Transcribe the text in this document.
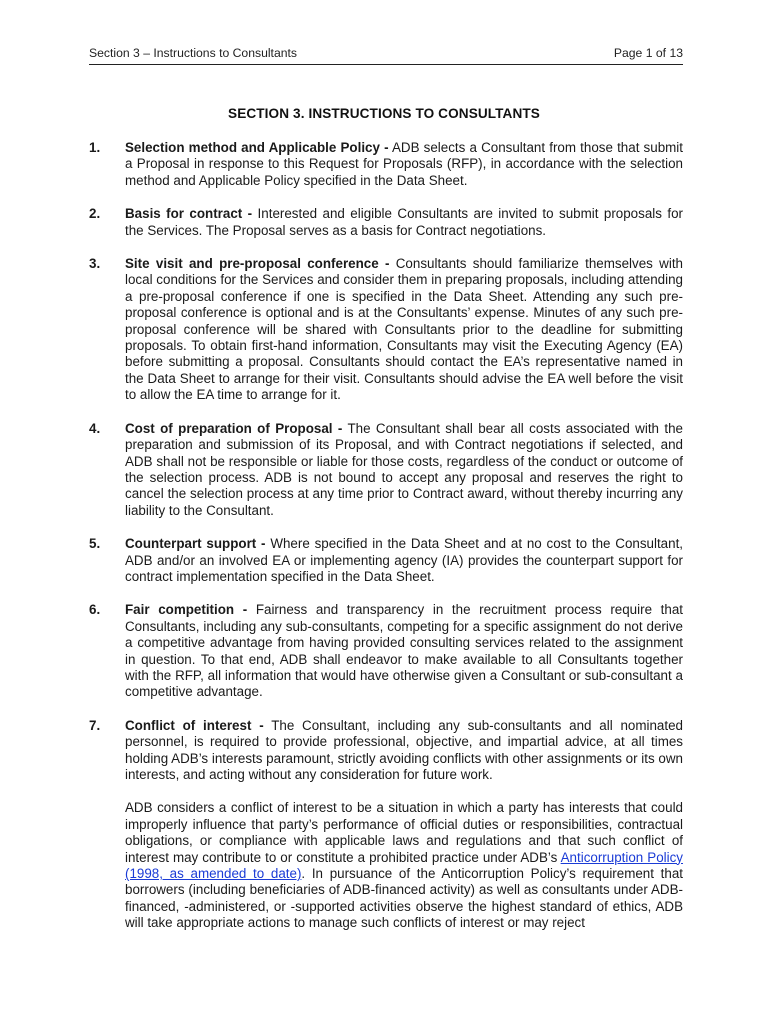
Section 3 – Instructions to Consultants	Page 1 of 13
SECTION 3. INSTRUCTIONS TO CONSULTANTS
1.	Selection method and Applicable Policy - ADB selects a Consultant from those that submit a Proposal in response to this Request for Proposals (RFP), in accordance with the selection method and Applicable Policy specified in the Data Sheet.
2.	Basis for contract - Interested and eligible Consultants are invited to submit proposals for the Services. The Proposal serves as a basis for Contract negotiations.
3.	Site visit and pre-proposal conference - Consultants should familiarize themselves with local conditions for the Services and consider them in preparing proposals, including attending a pre-proposal conference if one is specified in the Data Sheet. Attending any such pre-proposal conference is optional and is at the Consultants’ expense. Minutes of any such pre-proposal conference will be shared with Consultants prior to the deadline for submitting proposals. To obtain first-hand information, Consultants may visit the Executing Agency (EA) before submitting a proposal. Consultants should contact the EA’s representative named in the Data Sheet to arrange for their visit. Consultants should advise the EA well before the visit to allow the EA time to arrange for it.
4.	Cost of preparation of Proposal - The Consultant shall bear all costs associated with the preparation and submission of its Proposal, and with Contract negotiations if selected, and ADB shall not be responsible or liable for those costs, regardless of the conduct or outcome of the selection process. ADB is not bound to accept any proposal and reserves the right to cancel the selection process at any time prior to Contract award, without thereby incurring any liability to the Consultant.
5.	Counterpart support - Where specified in the Data Sheet and at no cost to the Consultant, ADB and/or an involved EA or implementing agency (IA) provides the counterpart support for contract implementation specified in the Data Sheet.
6.	Fair competition - Fairness and transparency in the recruitment process require that Consultants, including any sub-consultants, competing for a specific assignment do not derive a competitive advantage from having provided consulting services related to the assignment in question. To that end, ADB shall endeavor to make available to all Consultants together with the RFP, all information that would have otherwise given a Consultant or sub-consultant a competitive advantage.
7.	Conflict of interest - The Consultant, including any sub-consultants and all nominated personnel, is required to provide professional, objective, and impartial advice, at all times holding ADB’s interests paramount, strictly avoiding conflicts with other assignments or its own interests, and acting without any consideration for future work.

ADB considers a conflict of interest to be a situation in which a party has interests that could improperly influence that party’s performance of official duties or responsibilities, contractual obligations, or compliance with applicable laws and regulations and that such conflict of interest may contribute to or constitute a prohibited practice under ADB’s Anticorruption Policy (1998, as amended to date). In pursuance of the Anticorruption Policy’s requirement that borrowers (including beneficiaries of ADB-financed activity) as well as consultants under ADB-financed, -administered, or -supported activities observe the highest standard of ethics, ADB will take appropriate actions to manage such conflicts of interest or may reject
